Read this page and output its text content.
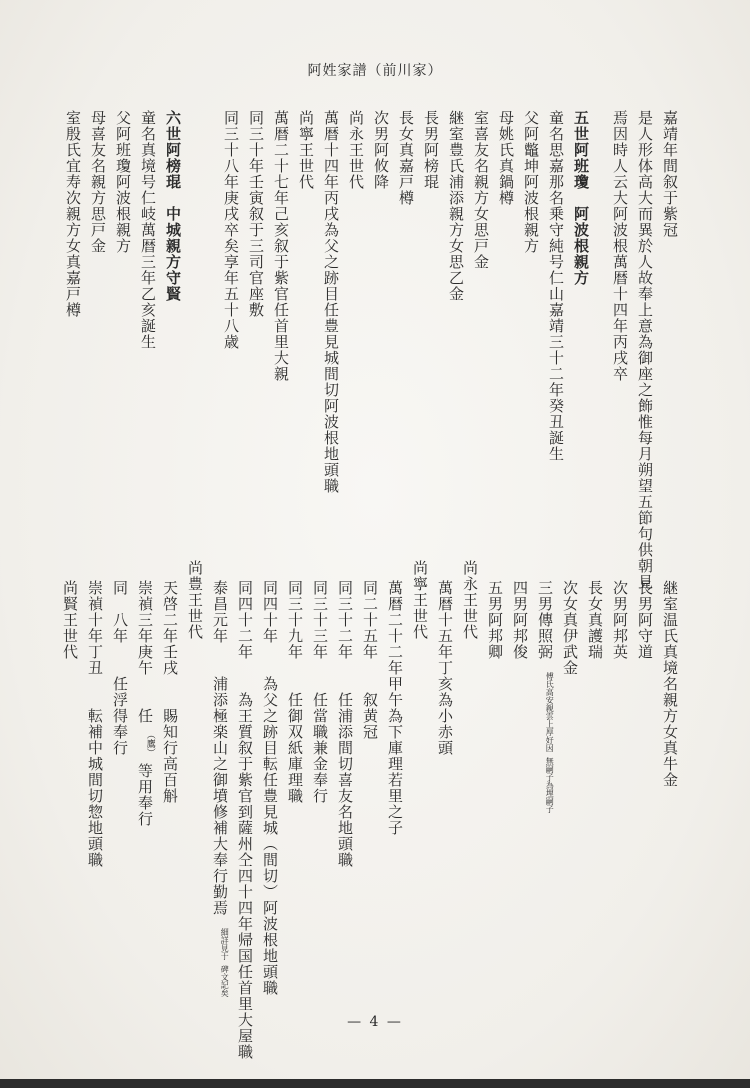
阿姓家譜（前川家）
嘉靖年間叙于紫冠
是人形体高大而異於人故奉上意為御座之飾惟每月朔望五節句供朝見
焉因時人云大阿波根萬暦十四年丙戌卒
五世阿班瓊　阿波根親方
童名思嘉那名乗守純号仁山嘉靖三十二年癸丑誕生
父阿鼈坤阿波根親方
母姚氏真鍋樽
室喜友名親方女思戸金
継室豊氏浦添親方女思乙金
長男阿榜琨
長女真嘉戸樽
次男阿攸降
尚永王世代
萬暦十四年丙戌為父之跡目任豊見城間切阿波根地頭職
尚寧王世代
萬暦二十七年己亥叙于紫官任首里大親
同三十年壬寅叙于三司官座敷
同三十八年庚戌卒矣享年五十八歳
六世阿榜琨　中城親方守賢
童名真境号仁岐萬暦三年乙亥誕生
父阿班瓊阿波根親方
母喜友名親方思戸金
室殷氏宜寿次親方女真嘉戸樽
継室温氏真境名親方女真牛金
長男阿守道
次男阿邦英
長女真護瑞
次女真伊武金
三男傳照弼  傅氏高安親雲上厚好因 無嗣子為埋嗣子
四男阿邦俊
五男阿邦卿
尚永王世代
萬暦十五年丁亥為小赤頭
尚寧王世代
萬暦二十二年甲午為下庫理若里之子
同二十五年　　叙黄冠
同三十二年　　任浦添間切喜友名地頭職
同三十三年　　任當職兼金奉行
同三十九年　　任御双紙庫理職
同四十年　　為父之跡目転任豊見城（間切）阿波根地頭職
同四十二年　　為王質叙于紫官到薩州仝四十四年帰国任首里大屋職
泰昌元年　　浦添極楽山之御墳修補大奉行勤焉  細詳見于 碑文記矣
尚豊王世代
天啓二年壬戌　　賜知行高百斛
崇禎三年庚午　　任 （鷹） 等用奉行
同　八年　　任浮得奉行
崇禎十年丁丑　　転補中城間切惣地頭職
尚賢王世代
— 4 —
